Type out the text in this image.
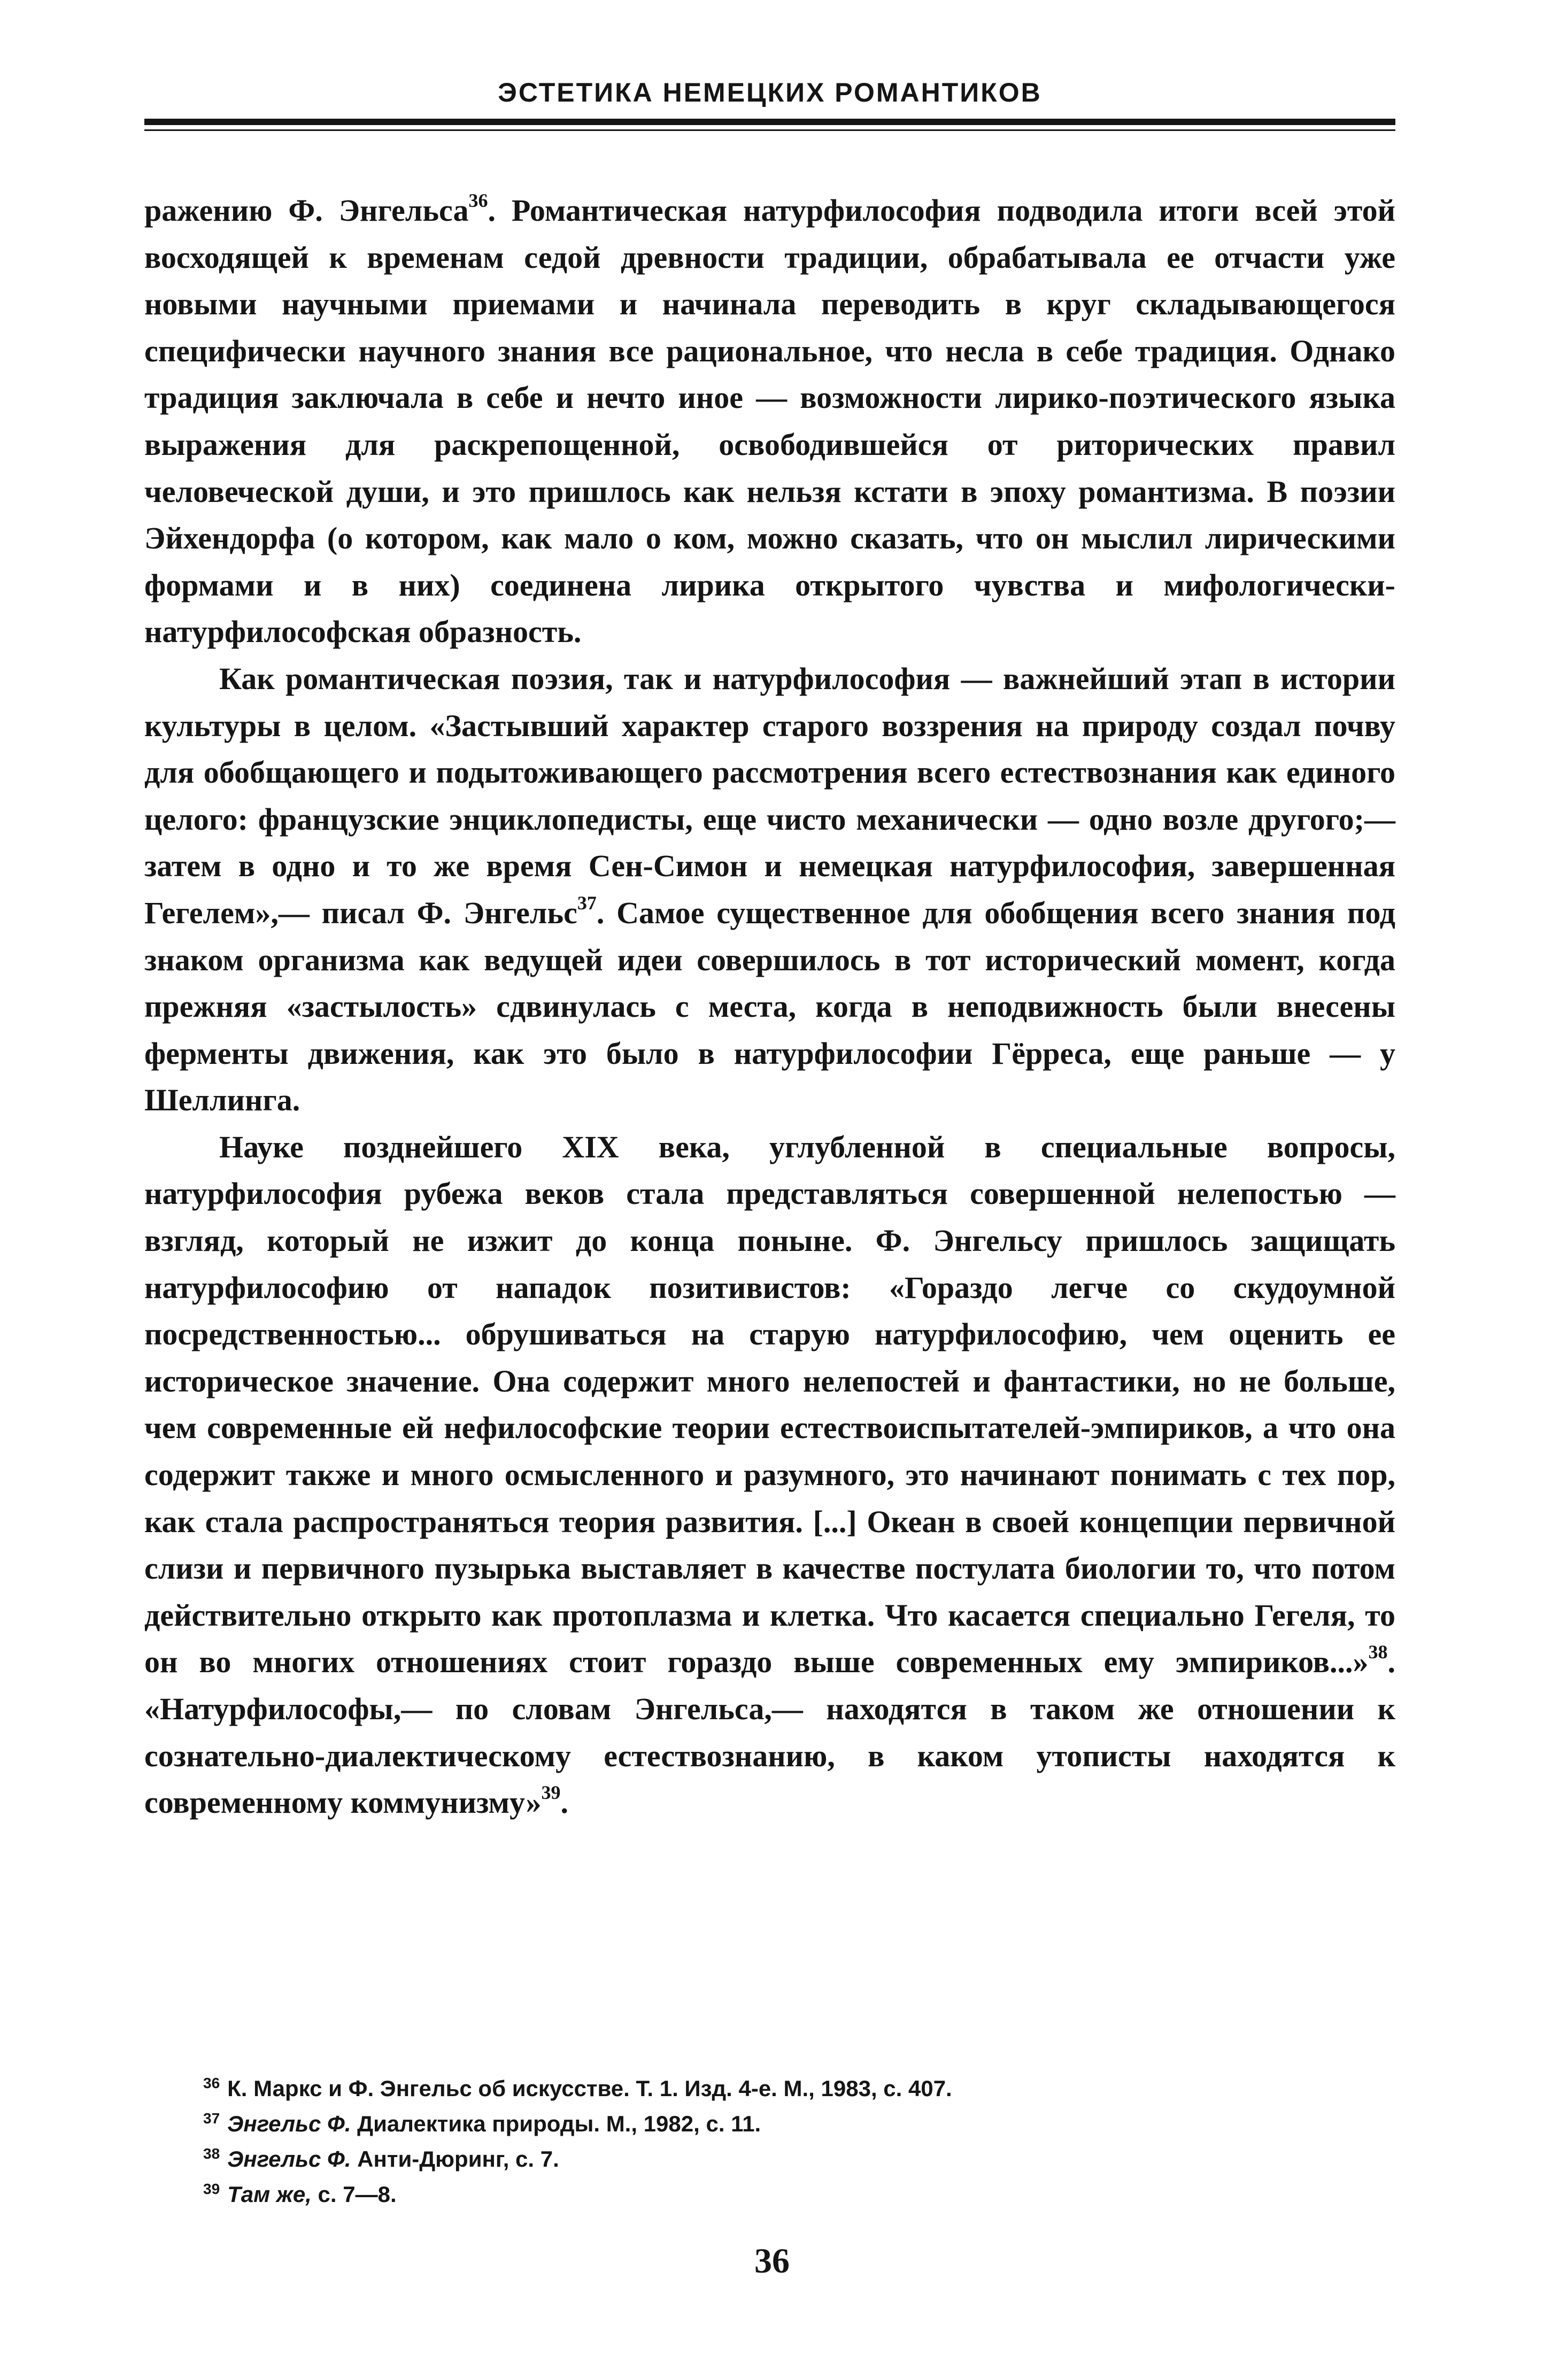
ЭСТЕТИКА НЕМЕЦКИХ РОМАНТИКОВ

ражению Ф. Энгельса$^{36}$. Романтическая натурфилософия подводила итоги всей этой восходящей к временам седой древности традиции, обрабатывала ее отчасти уже новыми научными приемами и начинала переводить в круг складывающегося специфически научного знания все рациональное, что несла в себе традиция. Однако традиция заключала в себе и нечто иное — возможности лирико-поэтического языка выражения для раскрепощенной, освободившейся от риторических правил человеческой души, и это пришлось как нельзя кстати в эпоху романтизма. В поэзии Эйхендорфа (о котором, как мало о ком, можно сказать, что он мыслил лирическими формами и в них) соединена лирика открытого чувства и мифологически-натурфилософская образность.

Как романтическая поэзия, так и натурфилософия — важнейший этап в истории культуры в целом. «Застывший характер старого воззрения на природу создал почву для обобщающего и подытоживающего рассмотрения всего естествознания как единого целого: французские энциклопедисты, еще чисто механически — одно возле другого;— затем в одно и то же время Сен-Симон и немецкая натурфилософия, завершенная Гегелем»,— писал Ф. Энгельс$^{37}$. Самое существенное для обобщения всего знания под знаком организма как ведущей идеи совершилось в тот исторический момент, когда прежняя «застылость» сдвинулась с места, когда в неподвижность были внесены ферменты движения, как это было в натурфилософии Гёрреса, еще раньше — у Шеллинга.

Науке позднейшего XIX века, углубленной в специальные вопросы, натурфилософия рубежа веков стала представляться совершенной нелепостью — взгляд, который не изжит до конца поныне. Ф. Энгельсу пришлось защищать натурфилософию от нападок позитивистов: «Гораздо легче со скудоумной посредственностью... обрушиваться на старую натурфилософию, чем оценить ее историческое значение. Она содержит много нелепостей и фантастики, но не больше, чем современные ей нефилософские теории естествоиспытателей-эмпириков, а что она содержит также и много осмысленного и разумного, это начинают понимать с тех пор, как стала распространяться теория развития. [...] Океан в своей концепции первичной слизи и первичного пузырька выставляет в качестве постулата биологии то, что потом действительно открыто как протоплазма и клетка. Что касается специально Гегеля, то он во многих отношениях стоит гораздо выше современных ему эмпириков...»$^{38}$. «Натурфилософы,— по словам Энгельса,— находятся в таком же отношении к сознательно-диалектическому естествознанию, в каком утописты находятся к современному коммунизму»$^{39}$.

$^{36}$ К. Маркс и Ф. Энгельс об искусстве. Т. 1. Изд. 4-е. М., 1983, с. 407.
$^{37}$ Энгельс Ф. Диалектика природы. М., 1982, с. 11.
$^{38}$ Энгельс Ф. Анти-Дюринг, с. 7.
$^{39}$ Там же, с. 7—8.
36
